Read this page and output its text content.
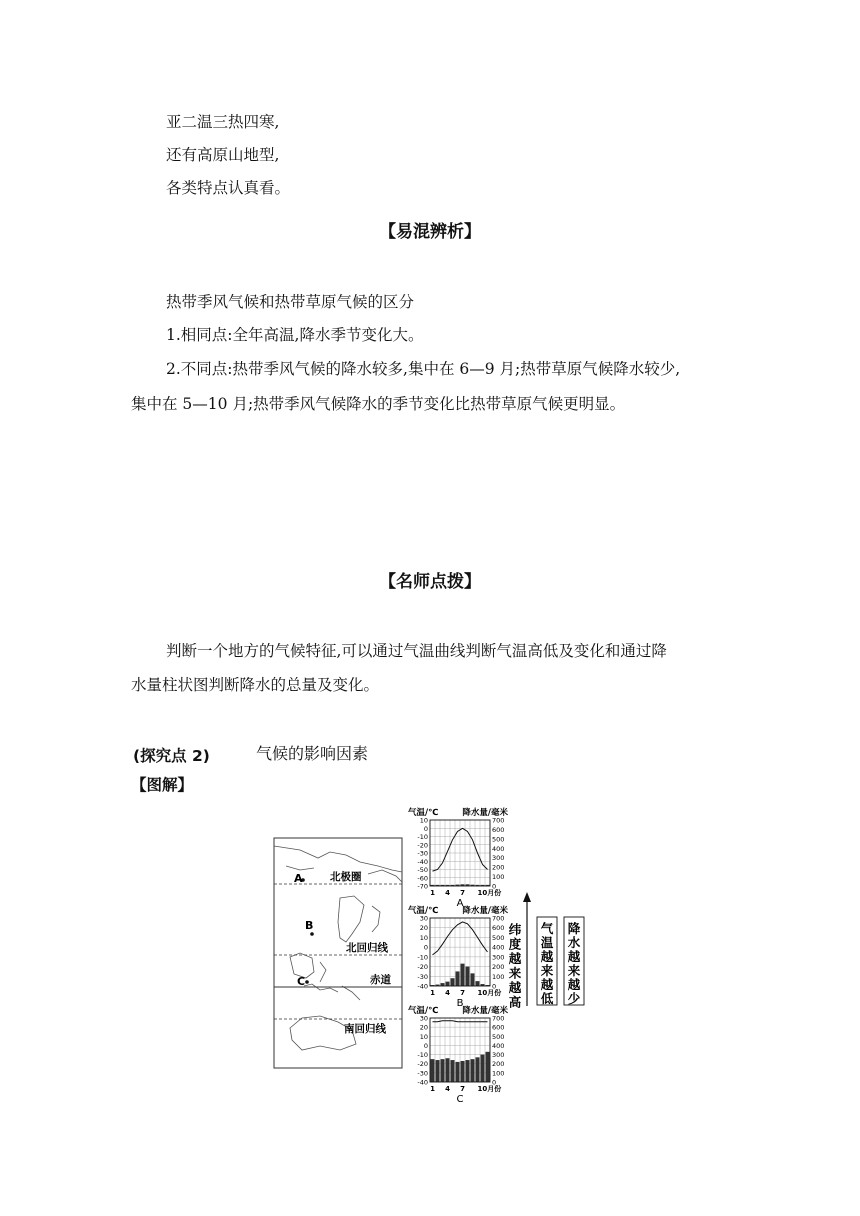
亚二温三热四寒,
还有高原山地型,
各类特点认真看。
【易混辨析】
热带季风气候和热带草原气候的区分
1.相同点:全年高温,降水季节变化大。
2.不同点:热带季风气候的降水较多,集中在 6—9 月;热带草原气候降水较少,
集中在 5—10 月;热带季风气候降水的季节变化比热带草原气候更明显。
【名师点拨】
判断一个地方的气候特征,可以通过气温曲线判断气温高低及变化和通过降
水量柱状图判断降水的总量及变化。
(探究点 2)	气候的影响因素
【图解】
北极圈
北回归线
赤道
南回归线
A
B
C
-70
-60
-50
-40
-30
-20
-10
0
10
0
100
200
300
400
500
600
700
气温/℃	降水量/毫米
1 4 7 10月份
A
-40
-30
-20
-10
0
10
20
30
0
100
200
300
400
500
600
700
气温/℃	降水量/毫米
1 4 7 10月份
B
-40
-30
-20
-10
0
10
20
30
0
100
200
300
400
500
600
700
气温/℃	降水量/毫米
1 4 7 10月份
C
纬
度
越
来
越
高
气
温
越
来
越
低
降
水
越
来
越
少
